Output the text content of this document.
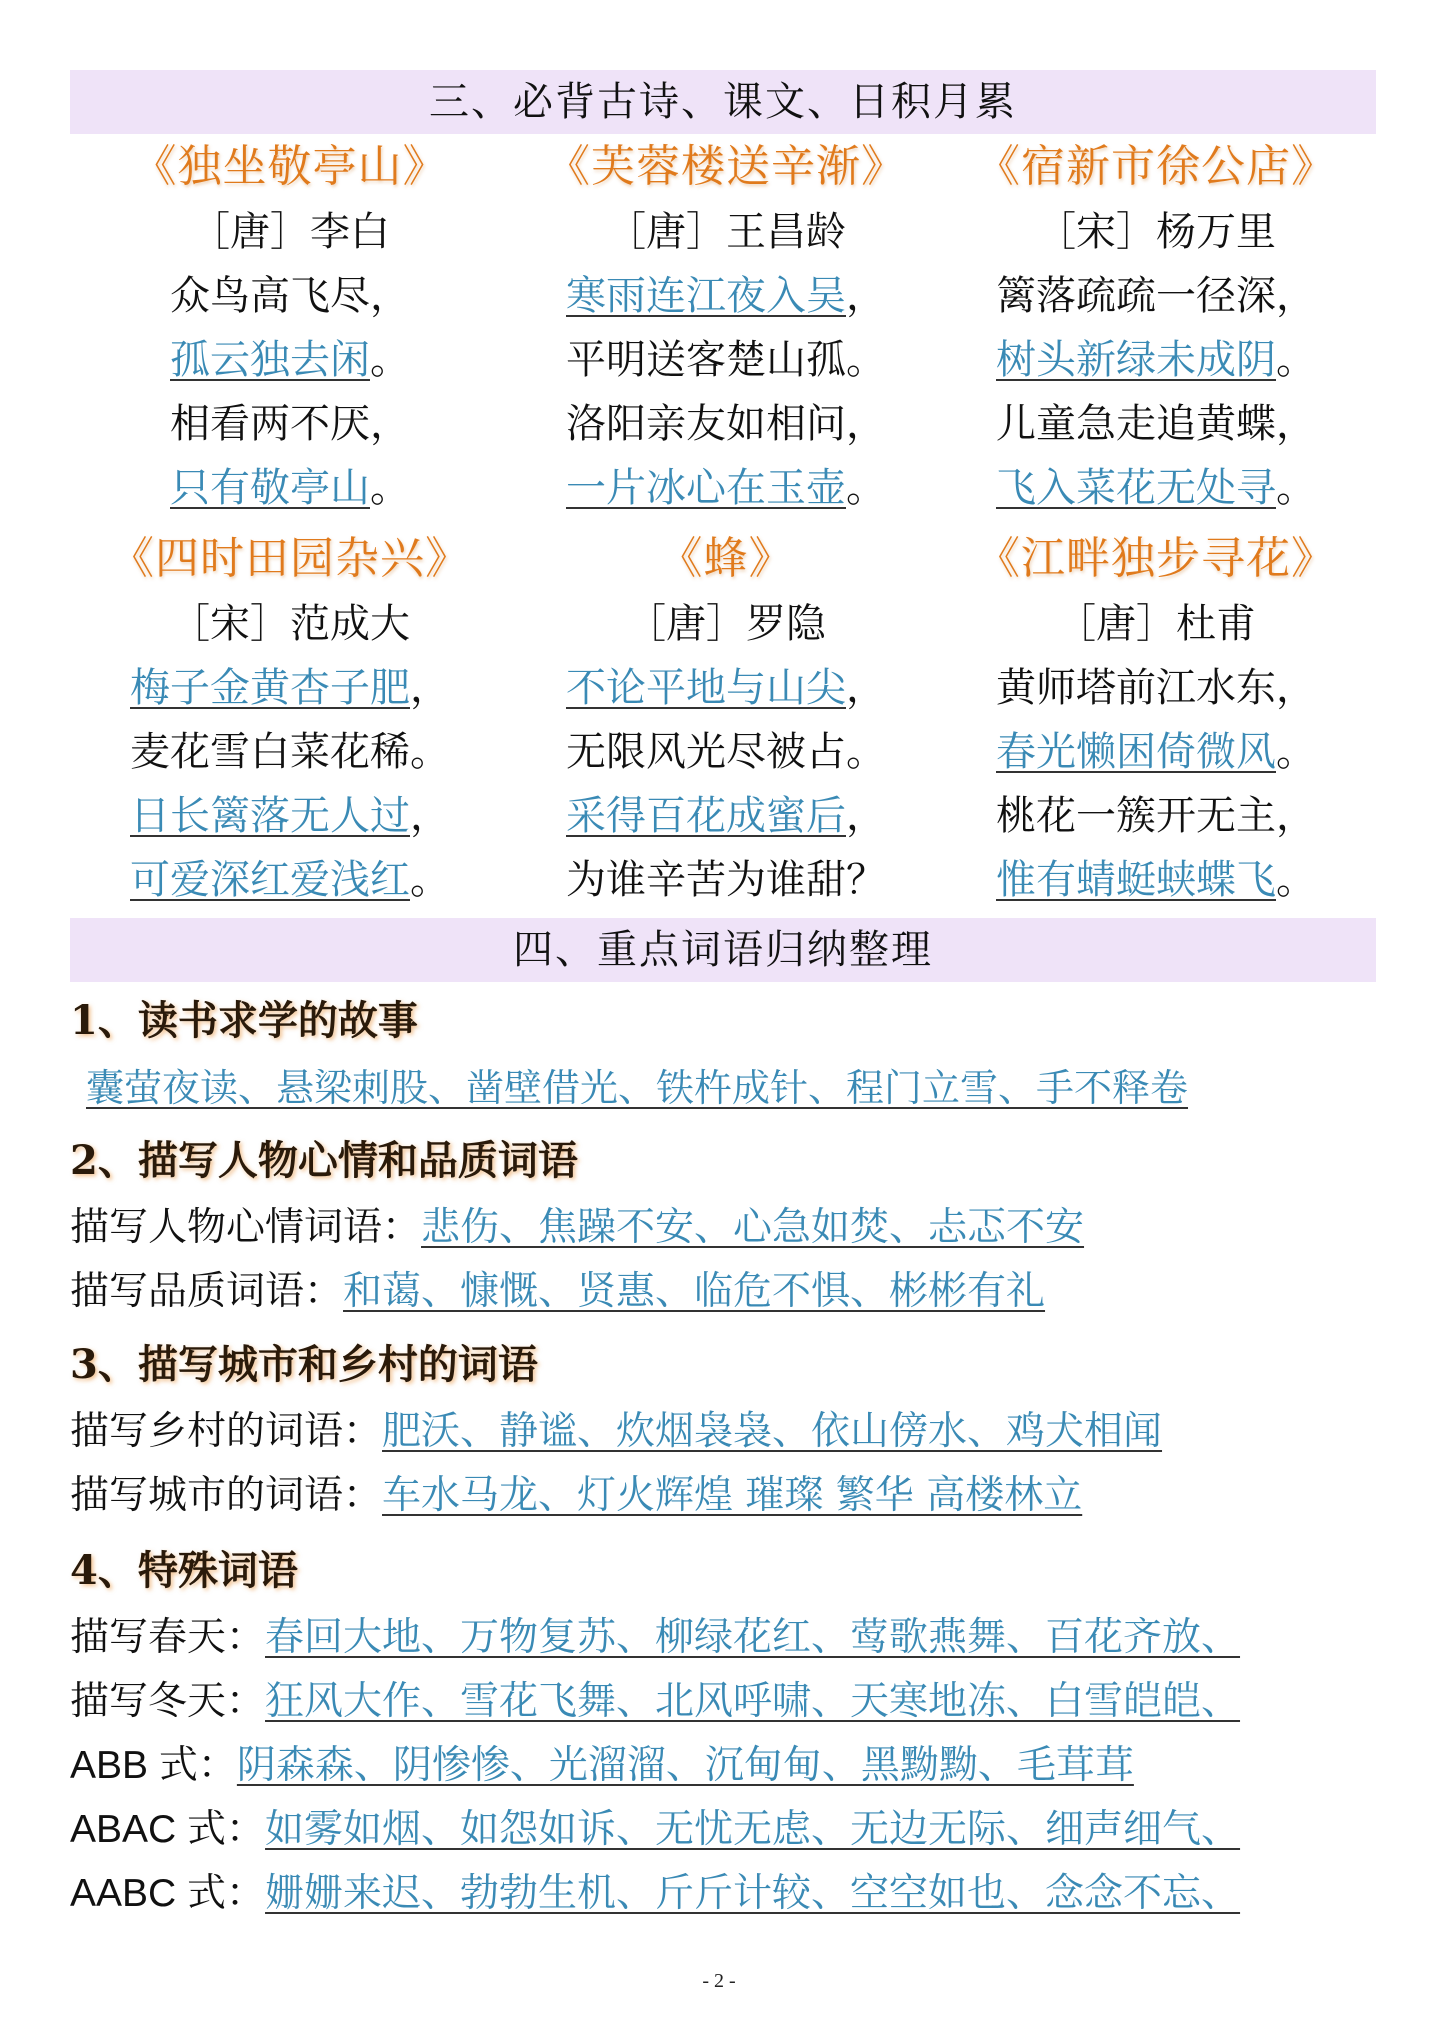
三、必背古诗、课文、日积月累
《独坐敬亭山》
［唐］李白
众鸟高飞尽，
孤云独去闲。
相看两不厌，
只有敬亭山。
《芙蓉楼送辛渐》
［唐］王昌龄
寒雨连江夜入吴，
平明送客楚山孤。
洛阳亲友如相问，
一片冰心在玉壶。
《宿新市徐公店》
［宋］杨万里
篱落疏疏一径深，
树头新绿未成阴。
儿童急走追黄蝶，
飞入菜花无处寻。
《四时田园杂兴》
［宋］范成大
梅子金黄杏子肥，
麦花雪白菜花稀。
日长篱落无人过，
可爱深红爱浅红。
《蜂》
［唐］罗隐
不论平地与山尖，
无限风光尽被占。
采得百花成蜜后，
为谁辛苦为谁甜？
《江畔独步寻花》
［唐］杜甫
黄师塔前江水东，
春光懒困倚微风。
桃花一簇开无主，
惟有蜻蜓蛱蝶飞。
四、重点词语归纳整理
1、读书求学的故事
囊萤夜读、悬梁刺股、凿壁借光、铁杵成针、程门立雪、手不释卷
2、描写人物心情和品质词语
描写人物心情词语：悲伤、焦躁不安、心急如焚、忐忑不安
描写品质词语：和蔼、慷慨、贤惠、临危不惧、彬彬有礼
3、描写城市和乡村的词语
描写乡村的词语：肥沃、静谧、炊烟袅袅、依山傍水、鸡犬相闻
描写城市的词语：车水马龙、灯火辉煌 璀璨 繁华 高楼林立
4、特殊词语
描写春天：春回大地、万物复苏、柳绿花红、莺歌燕舞、百花齐放、
描写冬天：狂风大作、雪花飞舞、北风呼啸、天寒地冻、白雪皑皑、
ABB 式：阴森森、阴惨惨、光溜溜、沉甸甸、黑黝黝、毛茸茸
ABAC 式：如雾如烟、如怨如诉、无忧无虑、无边无际、细声细气、
AABC 式：姗姗来迟、勃勃生机、斤斤计较、空空如也、念念不忘、
- 2 -
